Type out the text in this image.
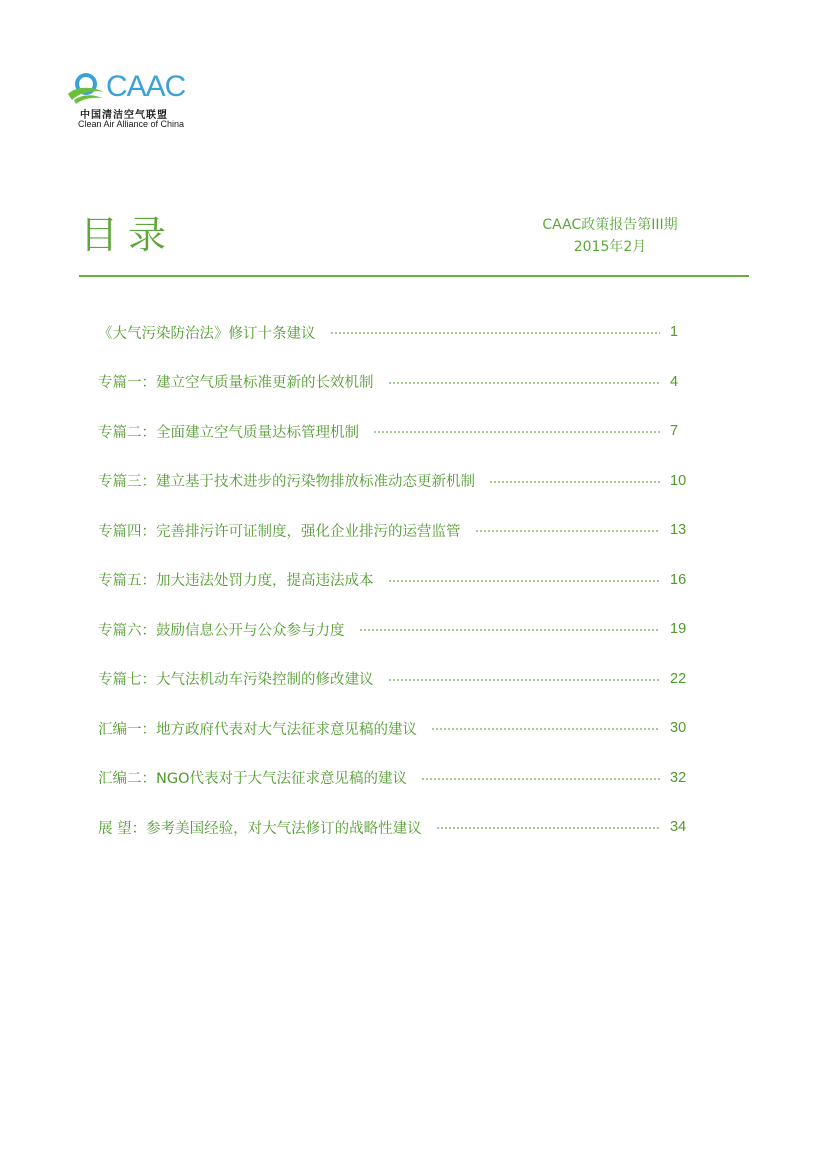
CAAC
中国清洁空气联盟
Clean Air Alliance of China
目录	CAAC政策报告第III期
2015年2月
《大气污染防治法》修订十条建议	1
专篇一：建立空气质量标准更新的长效机制	4
专篇二：全面建立空气质量达标管理机制	7
专篇三：建立基于技术进步的污染物排放标准动态更新机制	10
专篇四：完善排污许可证制度，强化企业排污的运营监管	13
专篇五：加大违法处罚力度，提高违法成本	16
专篇六：鼓励信息公开与公众参与力度	19
专篇七：大气法机动车污染控制的修改建议	22
汇编一：地方政府代表对大气法征求意见稿的建议	30
汇编二：NGO代表对于大气法征求意见稿的建议	32
展 望：参考美国经验，对大气法修订的战略性建议	34
